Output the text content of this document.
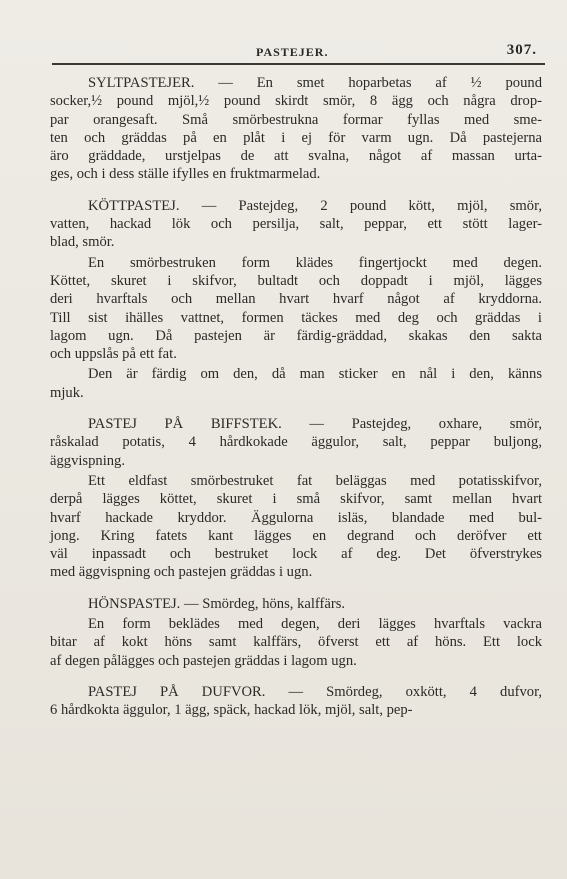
PASTEJER.	307.
SYLTPASTEJER. — En smet hoparbetas af ½ pound
socker,½ pound mjöl,½ pound skirdt smör, 8 ägg och några drop-
par orangesaft. Små smörbestrukna formar fyllas med sme-
ten och gräddas på en plåt i ej för varm ugn. Då pastejerna
äro gräddade, urstjelpas de att svalna, något af massan urta-
ges, och i dess ställe ifylles en fruktmarmelad.
KÖTTPASTEJ. — Pastejdeg, 2 pound kött, mjöl, smör,
vatten, hackad lök och persilja, salt, peppar, ett stött lager-
blad, smör.
En smörbestruken form klädes fingertjockt med degen.
Köttet, skuret i skifvor, bultadt och doppadt i mjöl, lägges
deri hvarftals och mellan hvart hvarf något af kryddorna.
Till sist ihälles vattnet, formen täckes med deg och gräddas i
lagom ugn. Då pastejen är färdig-gräddad, skakas den sakta
och uppslås på ett fat.
Den är färdig om den, då man sticker en nål i den, känns
mjuk.
PASTEJ PÅ BIFFSTEK. — Pastejdeg, oxhare, smör,
råskalad potatis, 4 hårdkokade äggulor, salt, peppar buljong,
äggvispning.
Ett eldfast smörbestruket fat beläggas med potatisskifvor,
derpå lägges köttet, skuret i små skifvor, samt mellan hvart
hvarf hackade kryddor. Äggulorna isläs, blandade med bul-
jong. Kring fatets kant lägges en degrand och deröfver ett
väl inpassadt och bestruket lock af deg. Det öfverstrykes
med äggvispning och pastejen gräddas i ugn.
HÖNSPASTEJ. — Smördeg, höns, kalffärs.
En form beklädes med degen, deri lägges hvarftals vackra
bitar af kokt höns samt kalffärs, öfverst ett af höns. Ett lock
af degen pålägges och pastejen gräddas i lagom ugn.
PASTEJ PÅ DUFVOR. — Smördeg, oxkött, 4 dufvor,
6 hårdkokta äggulor, 1 ägg, späck, hackad lök, mjöl, salt, pep-
